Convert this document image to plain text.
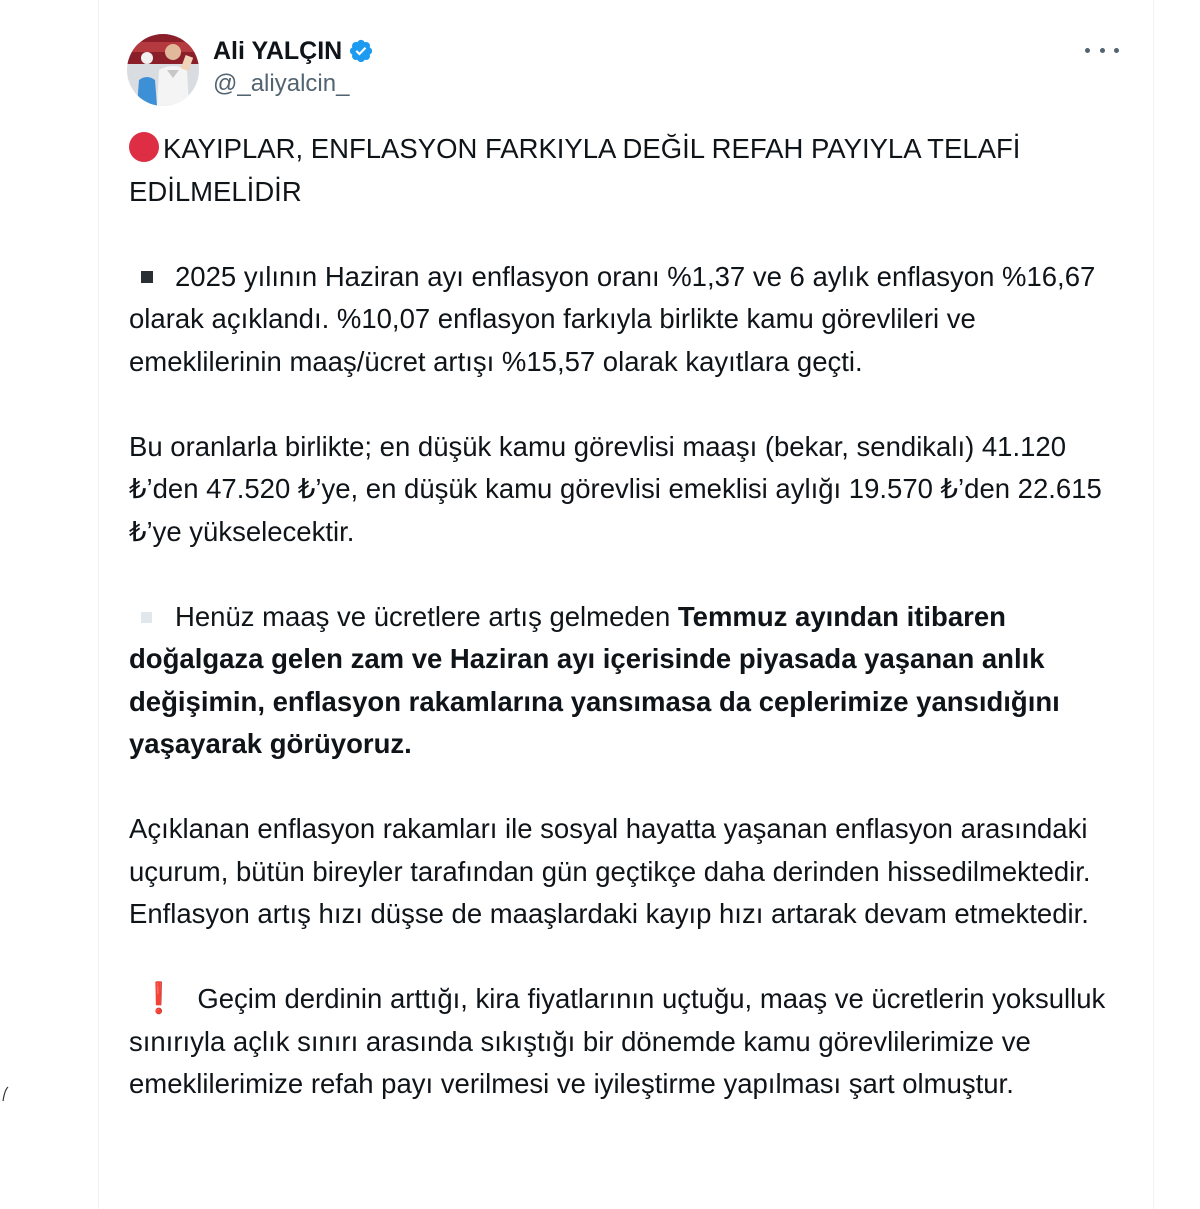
Ali YALÇIN
@_aliyalcin_

KAYIPLAR, ENFLASYON FARKIYLA DEĞİL REFAH PAYIYLA TELAFİ EDİLMELİDİR

2025 yılının Haziran ayı enflasyon oranı %1,37 ve 6 aylık enflasyon %16,67 olarak açıklandı. %10,07 enflasyon farkıyla birlikte kamu görevlileri ve emeklilerinin maaş/ücret artışı %15,57 olarak kayıtlara geçti.

Bu oranlarla birlikte; en düşük kamu görevlisi maaşı (bekar, sendikalı) 41.120 ₺’den 47.520 ₺’ye, en düşük kamu görevlisi emeklisi aylığı 19.570 ₺’den 22.615 ₺’ye yükselecektir.

Henüz maaş ve ücretlere artış gelmeden Temmuz ayından itibaren doğalgaza gelen zam ve Haziran ayı içerisinde piyasada yaşanan anlık değişimin, enflasyon rakamlarına yansımasa da ceplerimize yansıdığını yaşayarak görüyoruz.

Açıklanan enflasyon rakamları ile sosyal hayatta yaşanan enflasyon arasındaki uçurum, bütün bireyler tarafından gün geçtikçe daha derinden hissedilmektedir. Enflasyon artış hızı düşse de maaşlardaki kayıp hızı artarak devam etmektedir.

❗ Geçim derdinin arttığı, kira fiyatlarının uçtuğu, maaş ve ücretlerin yoksulluk sınırıyla açlık sınırı arasında sıkıştığı bir dönemde kamu görevlilerimize ve emeklilerimize refah payı verilmesi ve iyileştirme yapılması şart olmuştur.
